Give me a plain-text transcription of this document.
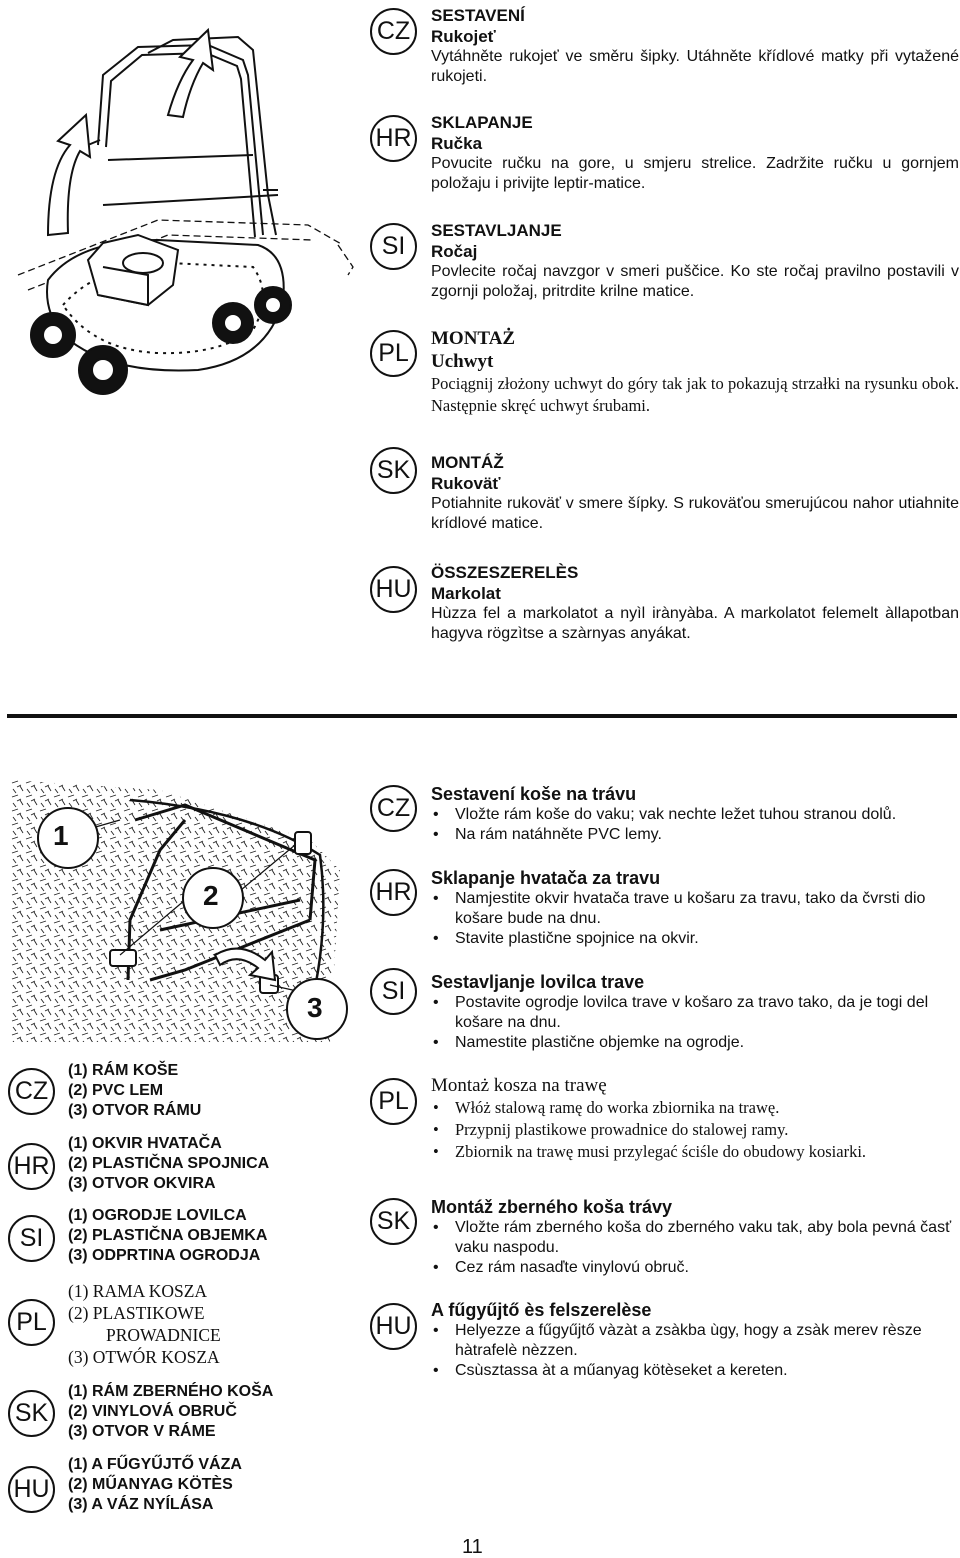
CZ
SESTAVENÍ
Rukojeť

Vytáhněte rukojeť ve směru šipky. Utáhněte křídlové matky při vytažené rukojeti.

HR
SKLAPANJE
Ručka

Povucite ručku na gore, u smjeru strelice. Zadržite ručku u gornjem položaju i privijte leptir-matice.

SI
SESTAVLJANJE
Ročaj

Povlecite ročaj navzgor v smeri puščice. Ko ste ročaj pravilno postavili v zgornji položaj, pritrdite krilne matice.

PL
MONTAŻ
Uchwyt

Pociągnij złożony uchwyt do góry tak jak to pokazują strzałki na rysunku obok. Następnie skręć uchwyt śrubami.

SK	MONTÁŽ
Rukoväť

Potiahnite rukoväť v smere šípky. S rukoväťou smerujúcou nahor utiahnite krídlové matice.

HU
ÖSSZESZERELÈS
Markolat

Hùzza fel a markolatot a nyìl irànyàba. A markolatot felemelt àllapotban hagyva rögzìtse a szàrnyas anyákat.

1
2
3
CZ	Sestavení koše na trávu
• Vložte rám koše do vaku; vak nechte ležet tuhou stranou dolů.
• Na rám natáhněte PVC lemy.
HR	Sklapanje hvatača za travu
• Namjestite okvir hvatača trave u košaru za travu, tako da čvrsti dio košare bude na dnu.
• Stavite plastične spojnice na okvir.
SI	Sestavljanje lovilca trave
• Postavite ogrodje lovilca trave v košaro za travo tako, da je togi del košare na dnu.
• Namestite plastične objemke na ogrodje.
PL
Montaż kosza na trawę
• Włóż stalową ramę do worka zbiornika na trawę.
• Przypnij plastikowe prowadnice do stalowej ramy.
• Zbiornik na trawę musi przylegać ściśle do obudowy kosiarki.
SK	Montáž zberného koša trávy
• Vložte rám zberného koša do zberného vaku tak, aby bola pevná časť vaku naspodu.
• Cez rám nasaďte vinylovú obruč.
HU
A fűgyűjtő ès felszerelèse
• Helyezze a fűgyűjtő vàzàt a zsàkba ùgy, hogy a zsàk merev rèsze hàtrafelè nèzzen.
• Csùsztassa àt a műanyag kötèseket a kereten.
CZ
(1) RÁM KOŠE
(2) PVC LEM
(3) OTVOR RÁMU
HR
(1) OKVIR HVATAČA
(2) PLASTIČNA SPOJNICA
(3) OTVOR OKVIRA
SI
(1) OGRODJE LOVILCA
(2) PLASTIČNA OBJEMKA
(3) ODPRTINA OGRODJA
PL
(1) RAMA KOSZA
(2) PLASTIKOWE
PROWADNICE
(3) OTWÓR KOSZA
SK
(1) RÁM ZBERNÉHO KOŠA
(2) VINYLOVÁ OBRUČ
(3) OTVOR V RÁME
HU
(1) A FŰGYŰJTŐ VÁZA
(2) MŰANYAG KÖTÈS
(3) A VÁZ NYÍLÁSA
11
